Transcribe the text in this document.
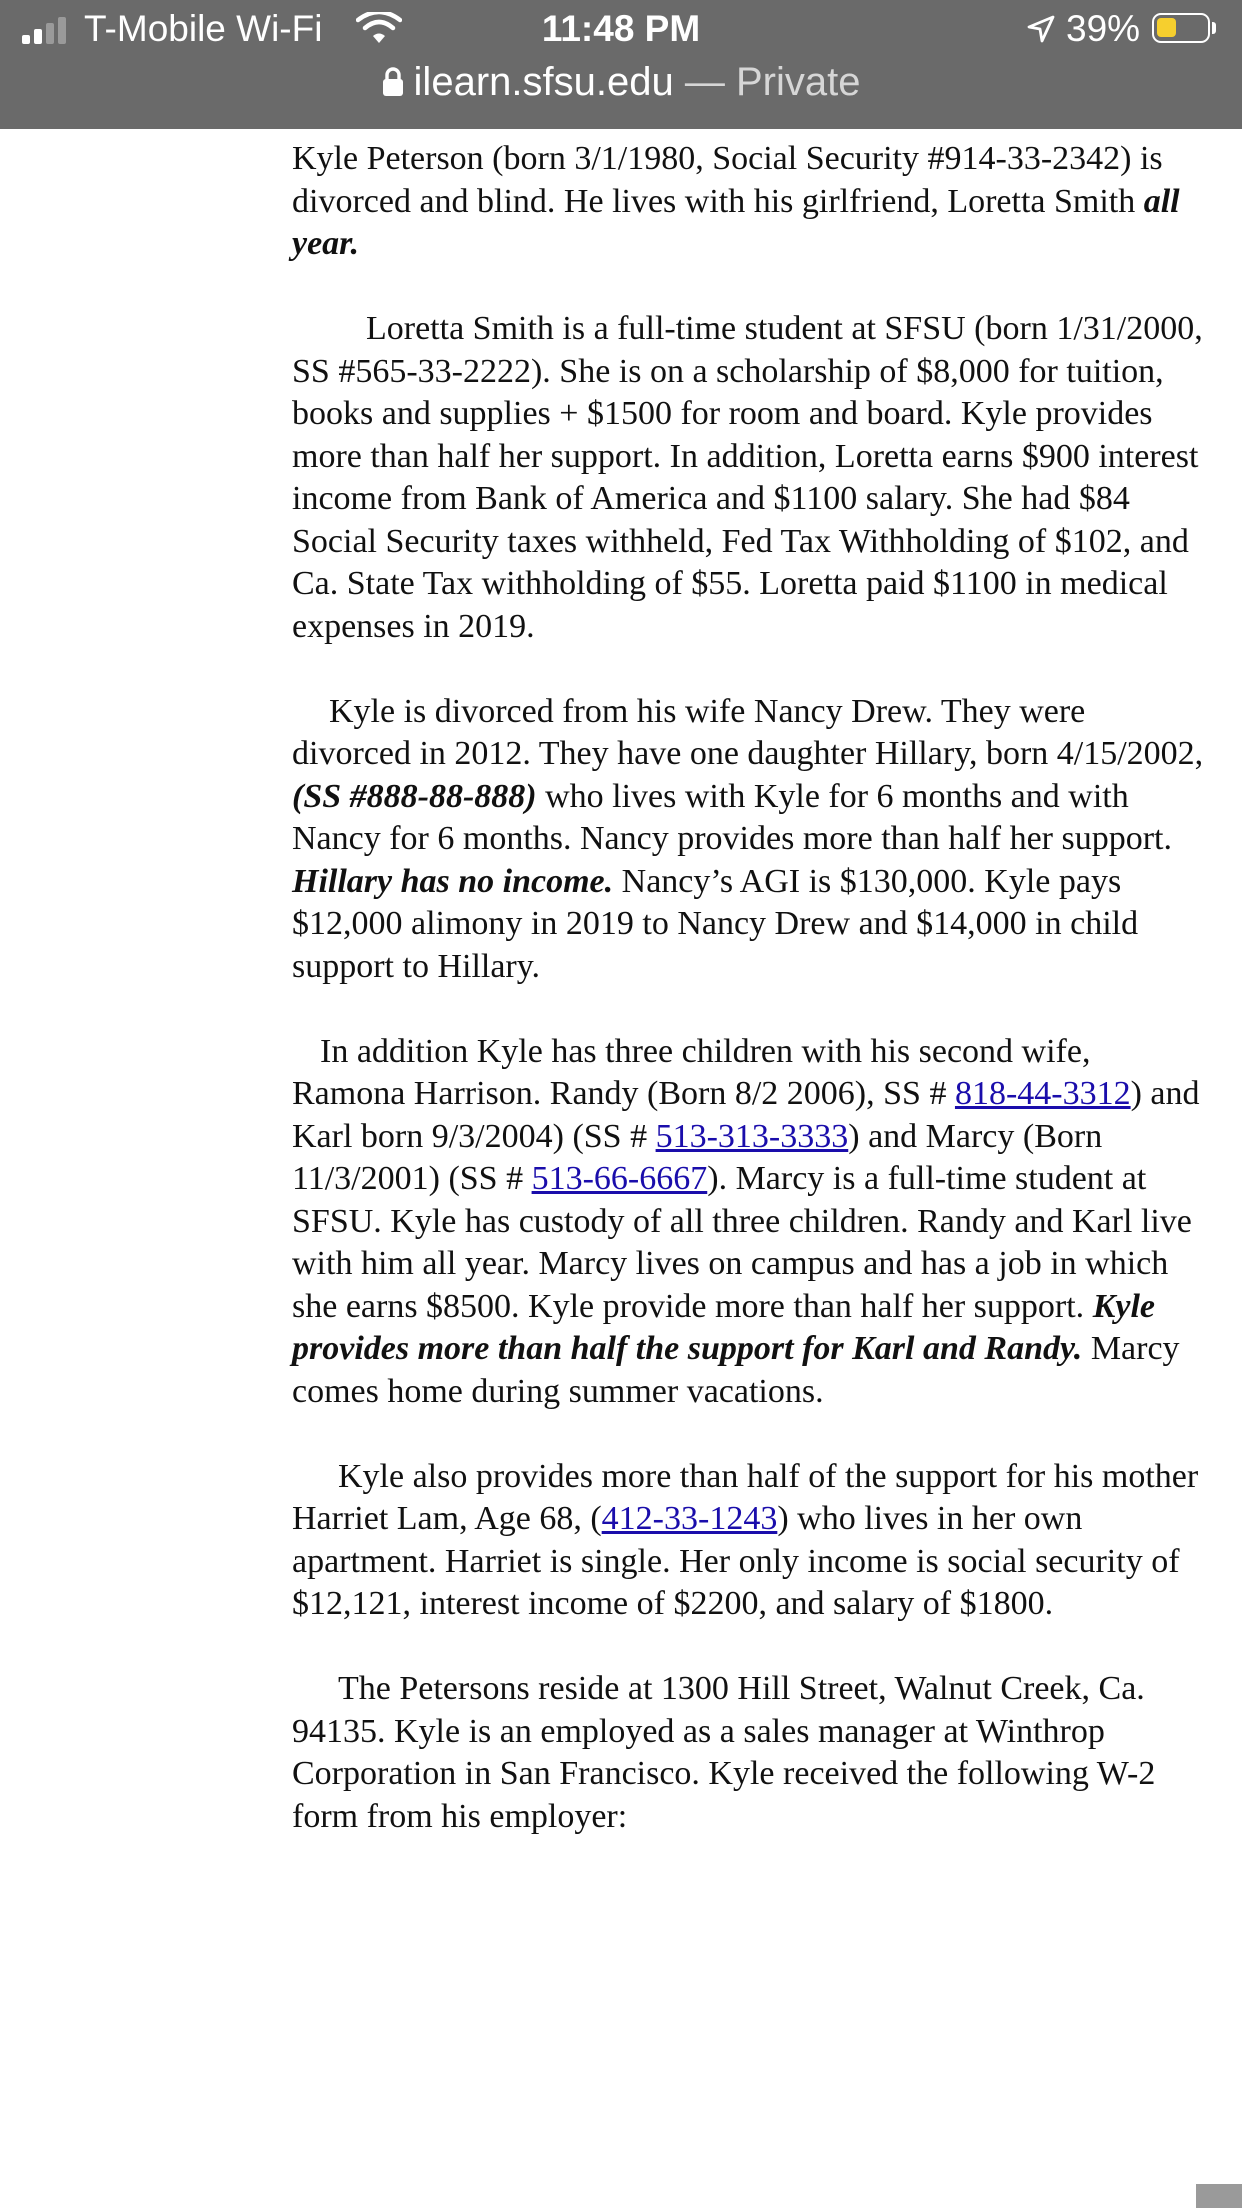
T-Mobile Wi-Fi	11:48 PM	39%
ilearn.sfsu.edu — Private

Kyle Peterson (born 3/1/1980, Social Security #914-33-2342) is divorced and blind. He lives with his girlfriend, Loretta Smith all year.

Loretta Smith is a full-time student at SFSU (born 1/31/2000, SS #565-33-2222). She is on a scholarship of $8,000 for tuition, books and supplies + $1500 for room and board. Kyle provides more than half her support. In addition, Loretta earns $900 interest income from Bank of America and $1100 salary. She had $84 Social Security taxes withheld, Fed Tax Withholding of $102, and Ca. State Tax withholding of $55. Loretta paid $1100 in medical expenses in 2019.

Kyle is divorced from his wife Nancy Drew. They were divorced in 2012. They have one daughter Hillary, born 4/15/2002, (SS #888-88-888) who lives with Kyle for 6 months and with Nancy for 6 months. Nancy provides more than half her support. Hillary has no income. Nancy’s AGI is $130,000. Kyle pays $12,000 alimony in 2019 to Nancy Drew and $14,000 in child support to Hillary.

In addition Kyle has three children with his second wife, Ramona Harrison. Randy (Born 8/2 2006), SS # 818-44-3312) and Karl born 9/3/2004) (SS # 513-313-3333) and Marcy (Born 11/3/2001) (SS # 513-66-6667). Marcy is a full-time student at SFSU. Kyle has custody of all three children. Randy and Karl live with him all year. Marcy lives on campus and has a job in which she earns $8500. Kyle provide more than half her support. Kyle provides more than half the support for Karl and Randy. Marcy comes home during summer vacations.

Kyle also provides more than half of the support for his mother Harriet Lam, Age 68, (412-33-1243) who lives in her own apartment. Harriet is single. Her only income is social security of $12,121, interest income of $2200, and salary of $1800.

The Petersons reside at 1300 Hill Street, Walnut Creek, Ca. 94135. Kyle is an employed as a sales manager at Winthrop Corporation in San Francisco. Kyle received the following W-2 form from his employer:
